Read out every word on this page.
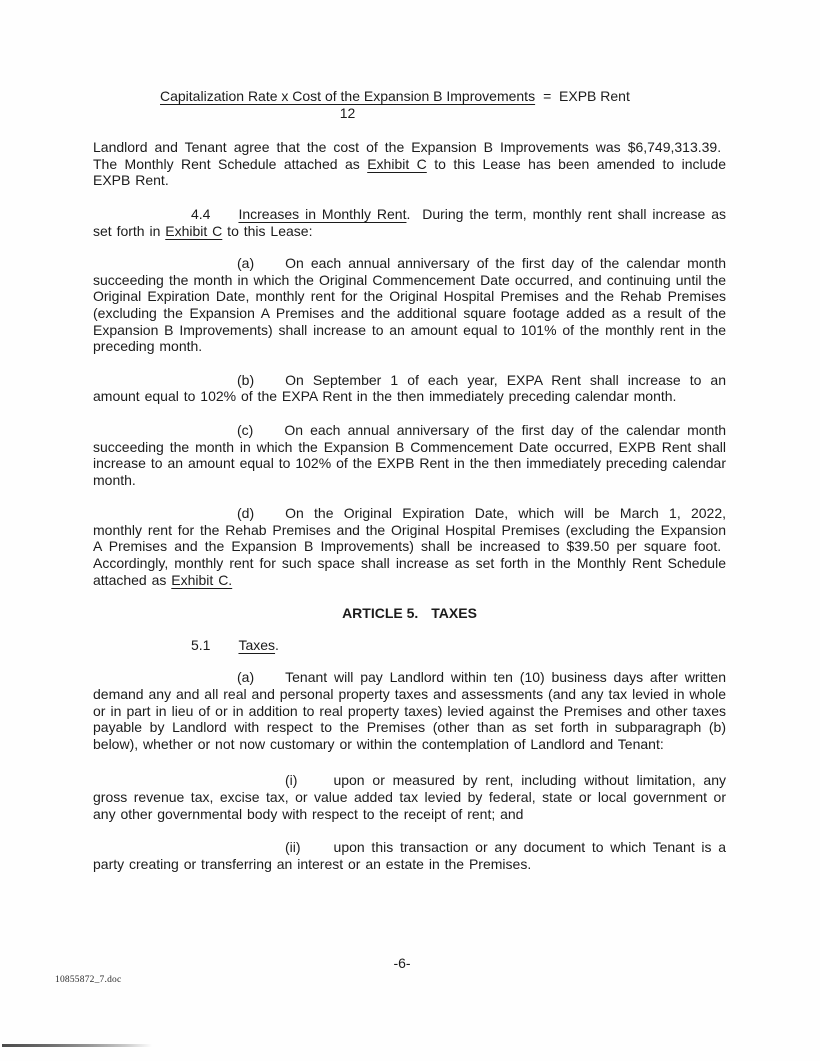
$\frac{\text{Capitalization Rate x Cost of the Expansion B Improvements}}{12}$ =  EXPB Rent

Landlord and Tenant agree that the cost of the Expansion B Improvements was $6,749,313.39.  The Monthly Rent Schedule attached as Exhibit C to this Lease has been amended to include EXPB Rent.

4.4 Increases in Monthly Rent.  During the term, monthly rent shall increase as set forth in Exhibit C to this Lease:

(a) On each annual anniversary of the first day of the calendar month succeeding the month in which the Original Commencement Date occurred, and continuing until the Original Expiration Date, monthly rent for the Original Hospital Premises and the Rehab Premises (excluding the Expansion A Premises and the additional square footage added as a result of the Expansion B Improvements) shall increase to an amount equal to 101% of the monthly rent in the preceding month.

(b) On September 1 of each year, EXPA Rent shall increase to an amount equal to 102% of the EXPA Rent in the then immediately preceding calendar month.

(c) On each annual anniversary of the first day of the calendar month succeeding the month in which the Expansion B Commencement Date occurred, EXPB Rent shall increase to an amount equal to 102% of the EXPB Rent in the then immediately preceding calendar month.

(d) On the Original Expiration Date, which will be March 1, 2022, monthly rent for the Rehab Premises and the Original Hospital Premises (excluding the Expansion A Premises and the Expansion B Improvements) shall be increased to $39.50 per square foot.  Accordingly, monthly rent for such space shall increase as set forth in the Monthly Rent Schedule attached as Exhibit C.

ARTICLE 5. TAXES

5.1 Taxes.

(a) Tenant will pay Landlord within ten (10) business days after written demand any and all real and personal property taxes and assessments (and any tax levied in whole or in part in lieu of or in addition to real property taxes) levied against the Premises and other taxes payable by Landlord with respect to the Premises (other than as set forth in subparagraph (b) below), whether or not now customary or within the contemplation of Landlord and Tenant:

(i)	upon or measured by rent, including without limitation, any gross revenue tax, excise tax, or value added tax levied by federal, state or local government or any other governmental body with respect to the receipt of rent; and

(ii) upon this transaction or any document to which Tenant is a party creating or transferring an interest or an estate in the Premises.

-6-
10855872_7.doc
